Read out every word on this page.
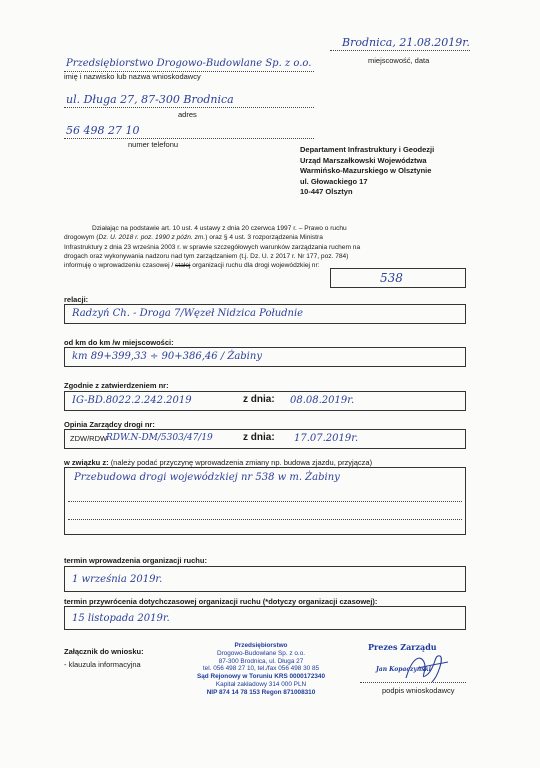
Brodnica, 21.08.2019r.
miejscowość, data
Przedsiębiorstwo Drogowo-Budowlane Sp. z o.o.
imię i nazwisko lub nazwa wnioskodawcy
ul. Długa 27, 87-300 Brodnica
adres
56 498 27 10
numer telefonu
Departament Infrastruktury i Geodezji
Urząd Marszałkowski Województwa
Warmińsko-Mazurskiego w Olsztynie
ul. Głowackiego 17
10-447 Olsztyn
Działając na podstawie art. 10 ust. 4 ustawy z dnia 20 czerwca 1997 r. – Prawo o ruchu
drogowym (Dz. U. 2018 r. poz. 1990 z późn. zm.) oraz § 4 ust. 3 rozporządzenia Ministra
Infrastruktury z dnia 23 września 2003 r. w sprawie szczegółowych warunków zarządzania ruchem na
drogach oraz wykonywania nadzoru nad tym zarządzaniem (t.j. Dz. U. z 2017 r. Nr 177, poz. 784)
informuję o wprowadzeniu czasowej / stałej organizacji ruchu dla drogi wojewódzkiej nr:
538
relacji:
Radzyń Ch. - Droga 7/Węzeł Nidzica Południe
od km do km /w miejscowości:
km 89+399,33 ÷ 90+386,46 / Żabiny
Zgodnie z zatwierdzeniem nr:
IG-BD.8022.2.242.2019	z dnia: 08.08.2019r.
Opinia Zarządcy drogi nr:
ZDW/RDW
RDW.N-DM/5303/47/19	z dnia: 17.07.2019r.
w związku z: (należy podać przyczynę wprowadzenia zmiany np. budowa zjazdu, przyjącza)
Przebudowa drogi wojewódzkiej nr 538 w m. Żabiny
termin wprowadzenia organizacji ruchu:
1 września 2019r.
termin przywrócenia dotychczasowej organizacji ruchu (*dotyczy organizacji czasowej):
15 listopada 2019r.
Załącznik do wniosku:
- klauzula informacyjna
Przedsiębiorstwo
Drogowo-Budowlane Sp. z o.o.
87-300 Brodnica, ul. Długa 27
tel. 056 498 27 10, tel./fax 056 498 30 85
Sąd Rejonowy w Toruniu KRS 0000172340
Kapitał zakładowy 314 000 PLN
NIP 874 14 78 153 Regon 871008310
Prezes Zarządu
Jan Kopaczyński
podpis wnioskodawcy
